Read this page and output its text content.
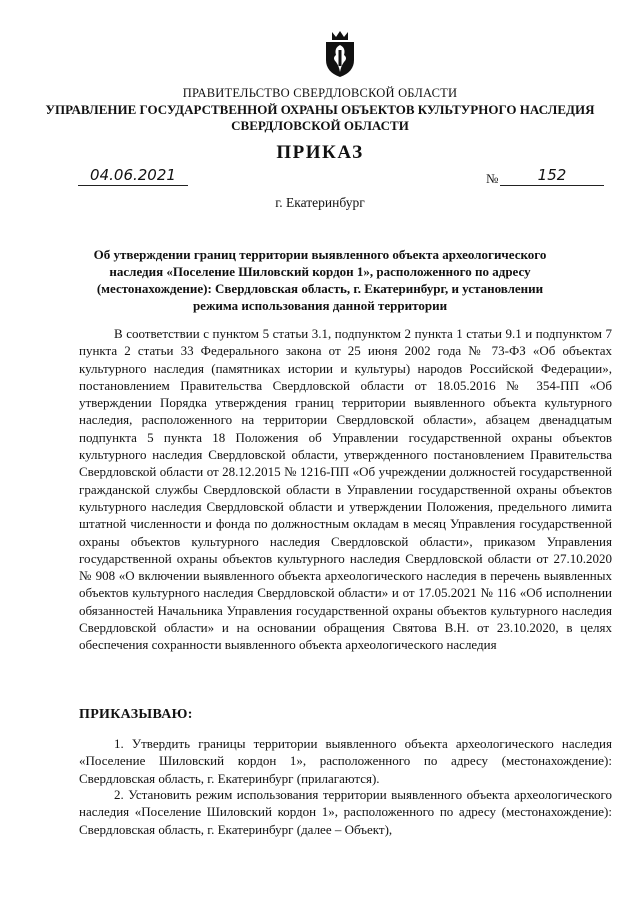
ПРАВИТЕЛЬСТВО СВЕРДЛОВСКОЙ ОБЛАСТИ
УПРАВЛЕНИЕ ГОСУДАРСТВЕННОЙ ОХРАНЫ ОБЪЕКТОВ КУЛЬТУРНОГО НАСЛЕДИЯ
СВЕРДЛОВСКОЙ ОБЛАСТИ
ПРИКАЗ
04.06.2021	№	152
г. Екатеринбург
Об утверждении границ территории выявленного объекта археологического
наследия «Поселение Шиловский кордон 1», расположенного по адресу
(местонахождение): Свердловская область, г. Екатеринбург, и установлении
режима использования данной территории

В соответствии с пунктом 5 статьи 3.1, подпунктом 2 пункта 1 статьи 9.1 и подпунктом 7 пункта 2 статьи 33 Федерального закона от 25 июня 2002 года № 73-ФЗ «Об объектах культурного наследия (памятниках истории и культуры) народов Российской Федерации», постановлением Правительства Свердловской области от 18.05.2016 № 354-ПП «Об утверждении Порядка утверждения границ территории выявленного объекта культурного наследия, расположенного на территории Свердловской области», абзацем двенадцатым подпункта 5 пункта 18 Положения об Управлении государственной охраны объектов культурного наследия Свердловской области, утвержденного постановлением Правительства Свердловской области от 28.12.2015 № 1216-ПП «Об учреждении должностей государственной гражданской службы Свердловской области в Управлении государственной охраны объектов культурного наследия Свердловской области и утверждении Положения, предельного лимита штатной численности и фонда по должностным окладам в месяц Управления государственной охраны объектов культурного наследия Свердловской области», приказом Управления государственной охраны объектов культурного наследия Свердловской области от 27.10.2020 № 908 «О включении выявленного объекта археологического наследия в перечень выявленных объектов культурного наследия Свердловской области» и от 17.05.2021 № 116 «Об исполнении обязанностей Начальника Управления государственной охраны объектов культурного наследия Свердловской области» и на основании обращения Святова В.Н. от 23.10.2020, в целях обеспечения сохранности выявленного объекта археологического наследия

ПРИКАЗЫВАЮ:

1. Утвердить границы территории выявленного объекта археологического наследия «Поселение Шиловский кордон 1», расположенного по адресу (местонахождение): Свердловская область, г. Екатеринбург (прилагаются).

2. Установить режим использования территории выявленного объекта археологического наследия «Поселение Шиловский кордон 1», расположенного по адресу (местонахождение): Свердловская область, г. Екатеринбург (далее – Объект),
